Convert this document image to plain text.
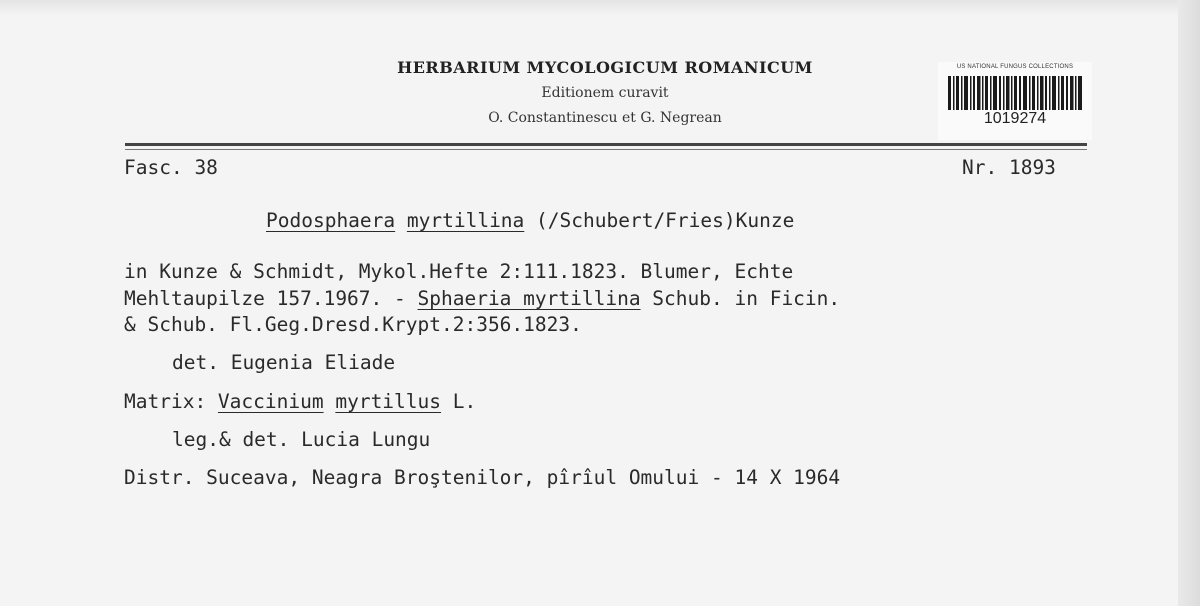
HERBARIUM MYCOLOGICUM ROMANICUM
Editionem curavit
O. Constantinescu et G. Negrean
US NATIONAL FUNGUS COLLECTIONS
1019274
Fasc. 38	Nr. 1893
Podosphaera myrtillina (/Schubert/Fries)Kunze
in Kunze & Schmidt, Mykol.Hefte 2:111.1823. Blumer, Echte
Mehltaupilze 157.1967. - Sphaeria myrtillina Schub. in Ficin.
& Schub. Fl.Geg.Dresd.Krypt.2:356.1823.
det. Eugenia Eliade
Matrix: Vaccinium myrtillus L.
leg.& det. Lucia Lungu
Distr. Suceava, Neagra Broştenilor, pîrîul Omului - 14 X 1964
